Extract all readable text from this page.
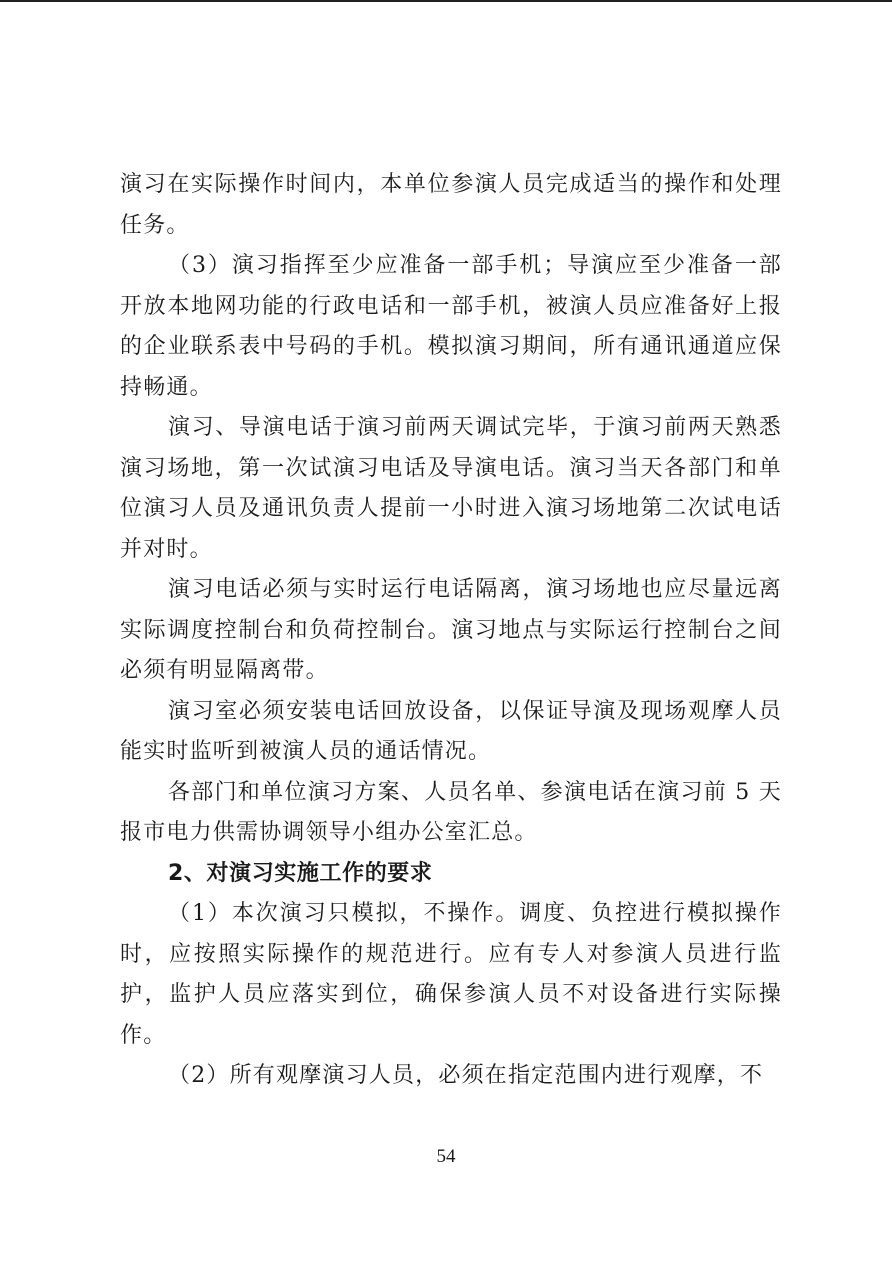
演习在实际操作时间内，本单位参演人员完成适当的操作和处理任务。

（3）演习指挥至少应准备一部手机；导演应至少准备一部开放本地网功能的行政电话和一部手机，被演人员应准备好上报的企业联系表中号码的手机。模拟演习期间，所有通讯通道应保持畅通。

演习、导演电话于演习前两天调试完毕，于演习前两天熟悉演习场地，第一次试演习电话及导演电话。演习当天各部门和单位演习人员及通讯负责人提前一小时进入演习场地第二次试电话并对时。

演习电话必须与实时运行电话隔离，演习场地也应尽量远离实际调度控制台和负荷控制台。演习地点与实际运行控制台之间必须有明显隔离带。

演习室必须安装电话回放设备，以保证导演及现场观摩人员能实时监听到被演人员的通话情况。

各部门和单位演习方案、人员名单、参演电话在演习前 5 天报市电力供需协调领导小组办公室汇总。

2、对演习实施工作的要求

（1）本次演习只模拟，不操作。调度、负控进行模拟操作时，应按照实际操作的规范进行。应有专人对参演人员进行监护，监护人员应落实到位，确保参演人员不对设备进行实际操作。

（2）所有观摩演习人员，必须在指定范围内进行观摩，不

54
